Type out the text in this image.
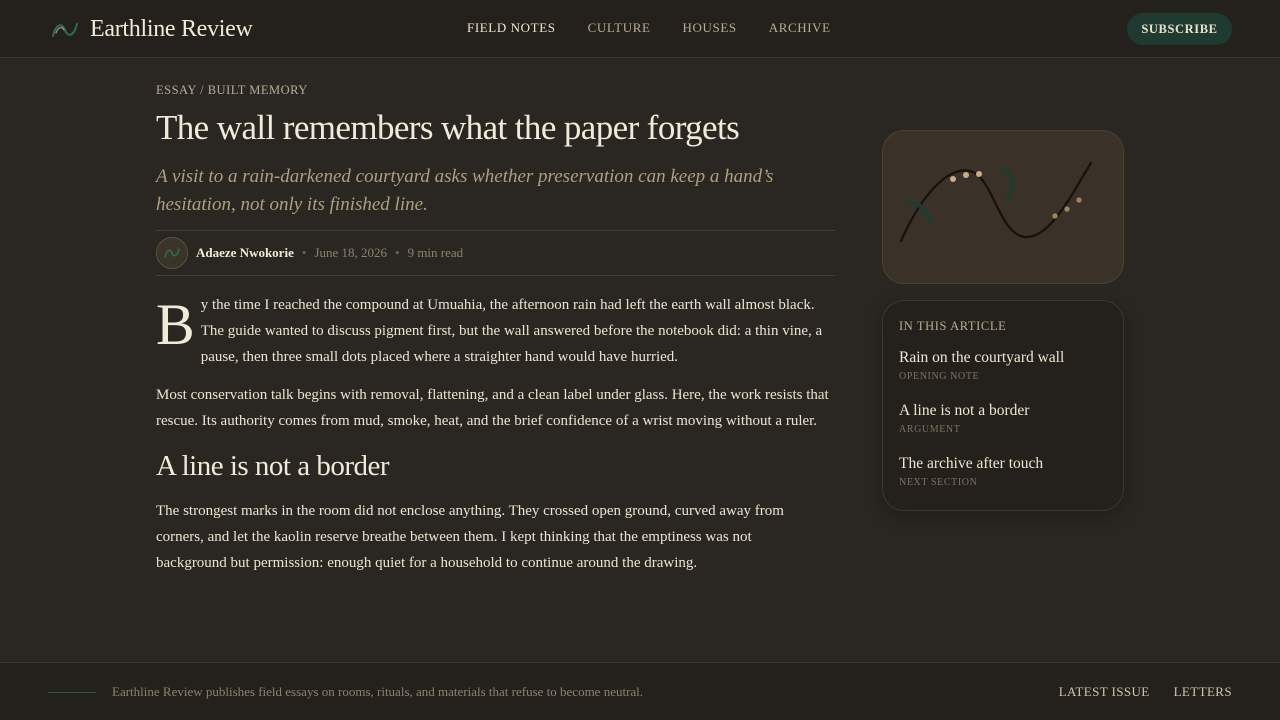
Earthline Review	FIELD NOTES CULTURE HOUSES ARCHIVE	SUBSCRIBE
ESSAY / BUILT MEMORY
The wall remembers what the paper forgets

A visit to a rain-darkened courtyard asks whether preservation can keep a hand’s hesitation, not only its finished line.

Adaeze Nwokorie • June 18, 2026 • 9 min read

By the time I reached the compound at Umuahia, the afternoon rain had left the earth wall almost black. The guide wanted to discuss pigment first, but the wall answered before the notebook did: a thin vine, a pause, then three small dots placed where a straighter hand would have hurried.

Most conservation talk begins with removal, flattening, and a clean label under glass. Here, the work resists that rescue. Its authority comes from mud, smoke, heat, and the brief confidence of a wrist moving without a ruler.

A line is not a border

The strongest marks in the room did not enclose anything. They crossed open ground, curved away from corners, and let the kaolin reserve breathe between them. I kept thinking that the emptiness was not background but permission: enough quiet for a household to continue around the drawing.

IN THIS ARTICLE
Rain on the courtyard wall
OPENING NOTE
A line is not a border
ARGUMENT
The archive after touch
NEXT SECTION
Earthline Review publishes field essays on rooms, rituals, and materials that refuse to become neutral.	LATEST ISSUE LETTERS
